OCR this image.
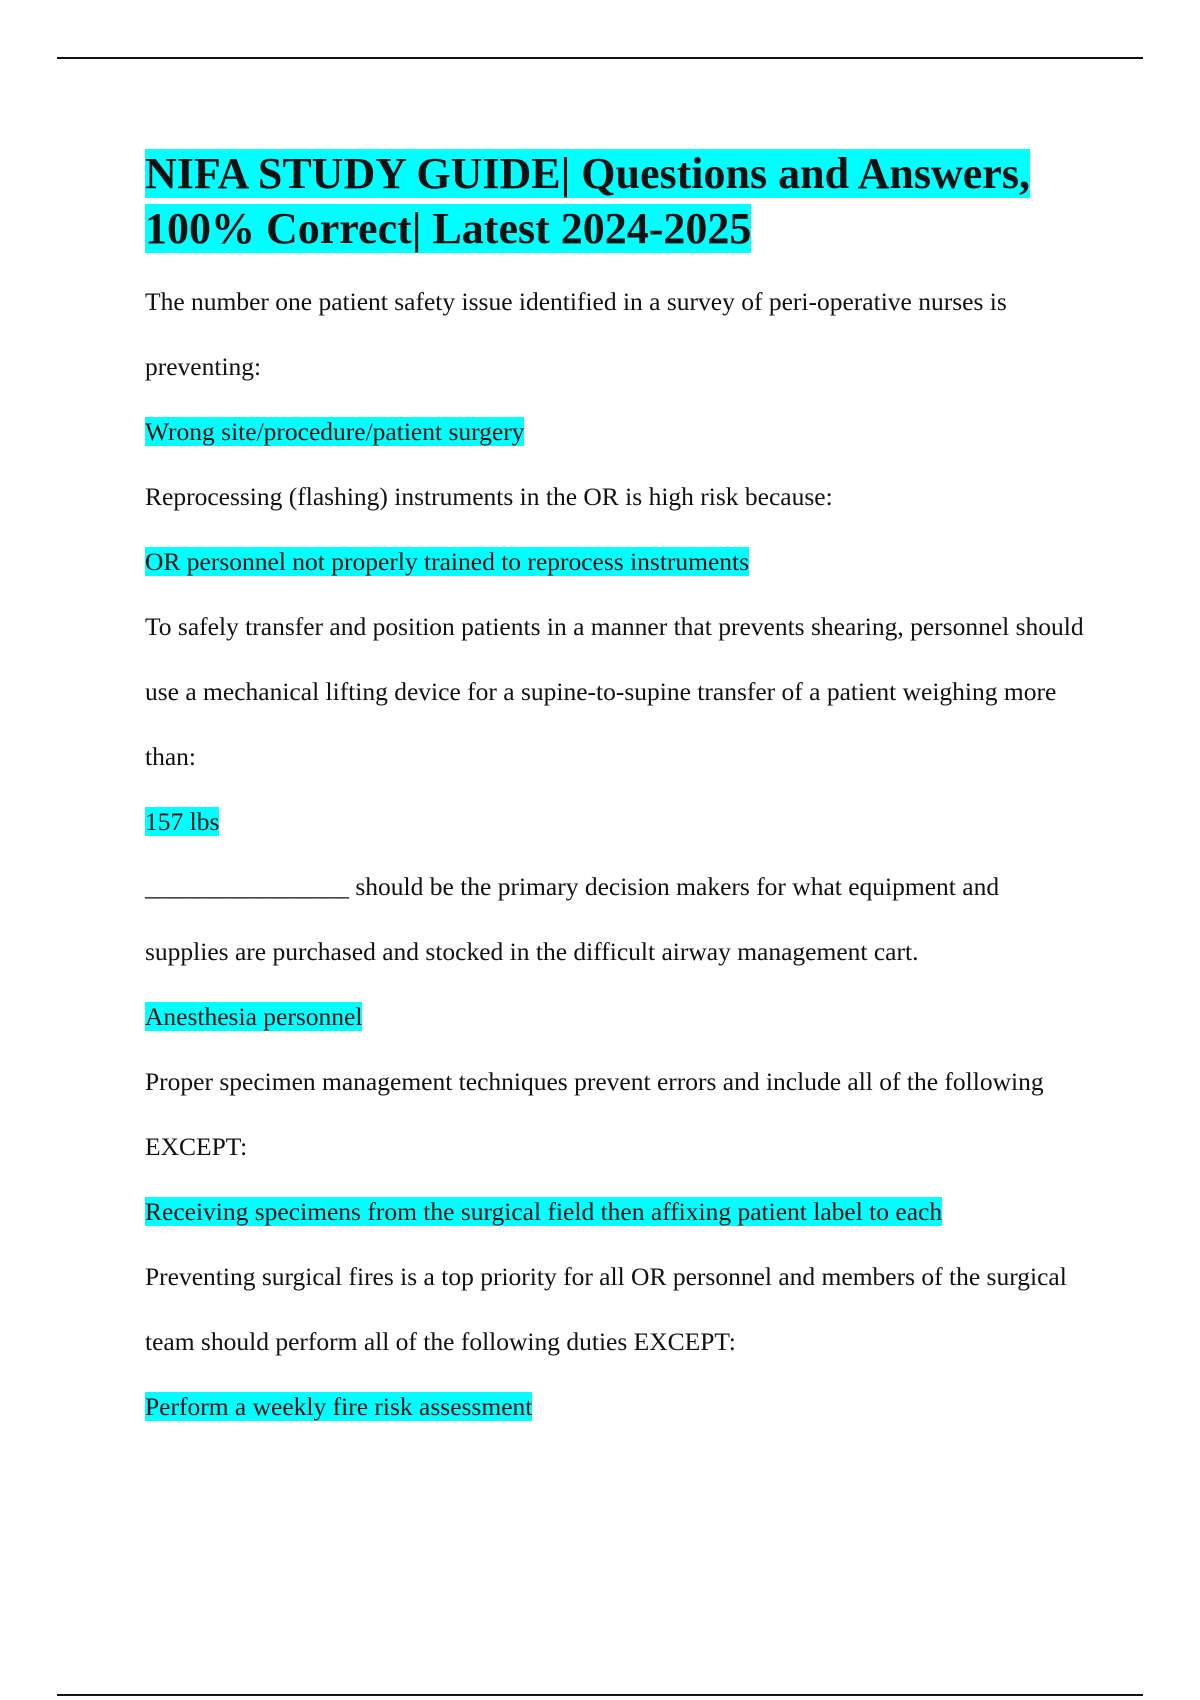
NIFA STUDY GUIDE| Questions and Answers, 100% Correct| Latest 2024-2025

The number one patient safety issue identified in a survey of peri-operative nurses is preventing:

Wrong site/procedure/patient surgery

Reprocessing (flashing) instruments in the OR is high risk because:

OR personnel not properly trained to reprocess instruments

To safely transfer and position patients in a manner that prevents shearing, personnel should use a mechanical lifting device for a supine-to-supine transfer of a patient weighing more than:

157 lbs

________________ should be the primary decision makers for what equipment and supplies are purchased and stocked in the difficult airway management cart.

Anesthesia personnel

Proper specimen management techniques prevent errors and include all of the following EXCEPT:

Receiving specimens from the surgical field then affixing patient label to each

Preventing surgical fires is a top priority for all OR personnel and members of the surgical team should perform all of the following duties EXCEPT:

Perform a weekly fire risk assessment
